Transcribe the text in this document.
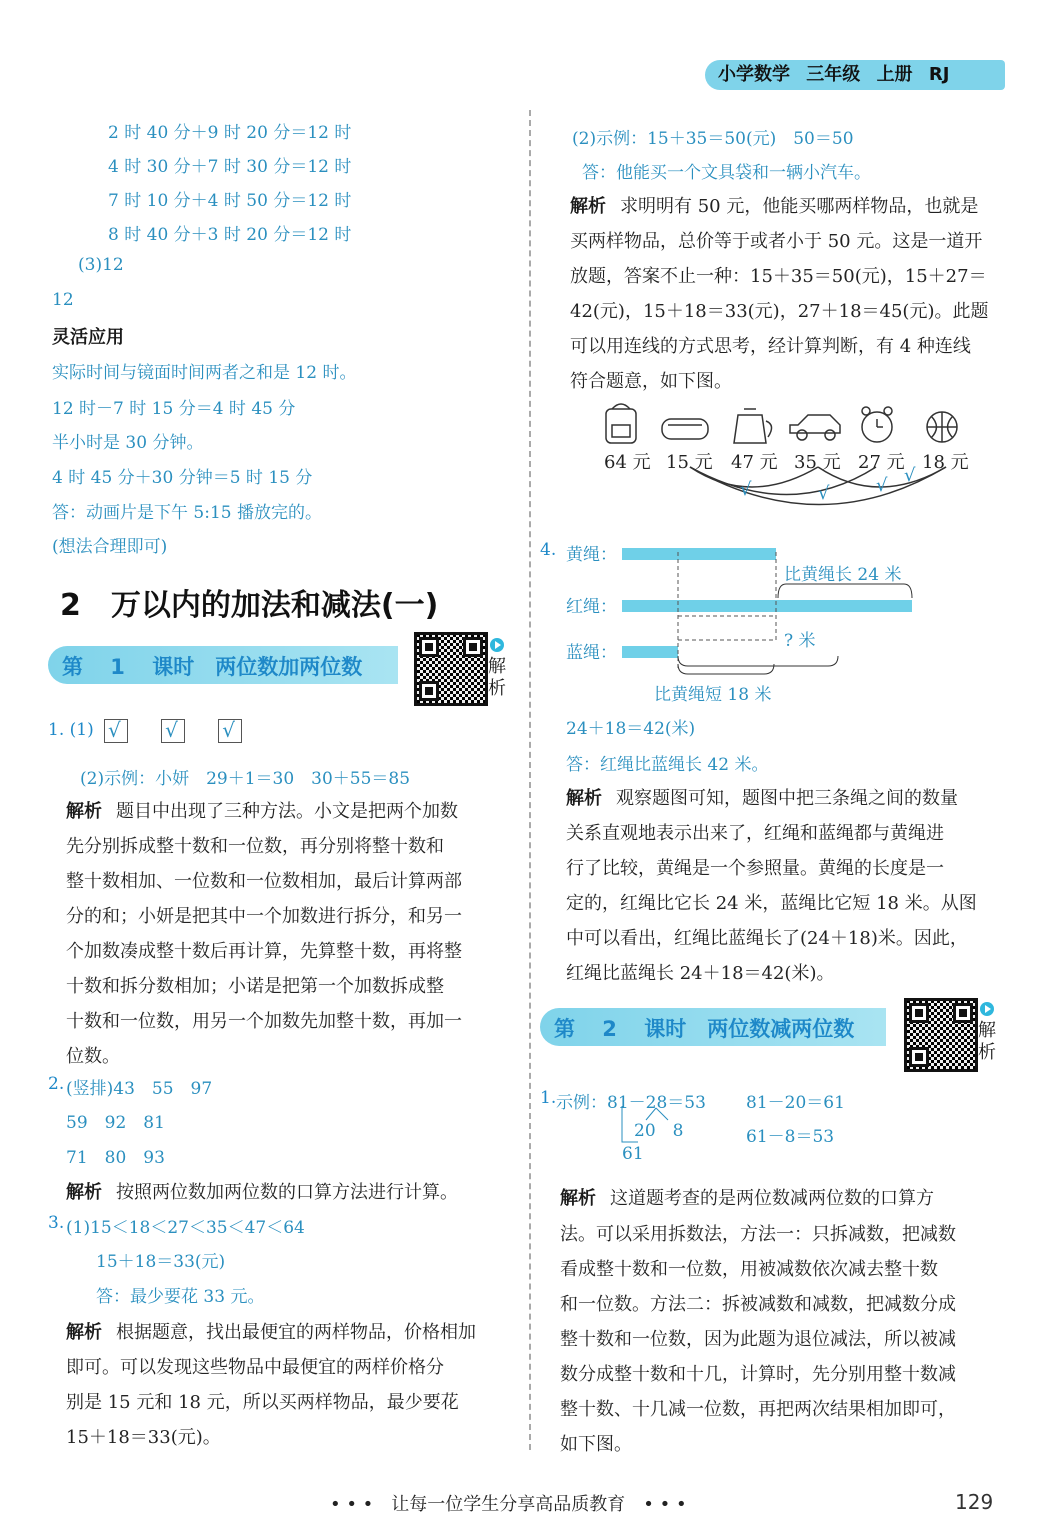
小学数学 三年级 上册 RJ
2 时 40 分＋9 时 20 分＝12 时
4 时 30 分＋7 时 30 分＝12 时
7 时 10 分＋4 时 50 分＝12 时
8 时 40 分＋3 时 20 分＝12 时
(3)12
12
灵活应用
实际时间与镜面时间两者之和是 12 时。
12 时－7 时 15 分＝4 时 45 分
半小时是 30 分钟。
4 时 45 分＋30 分钟＝5 时 15 分
答：动画片是下午 5:15 播放完的。
(想法合理即可)
2　万以内的加法和减法(一)
第 1 课时　两位数加两位数	解
析
1. (1) √
√
√
(2)示例：小妍　29＋1＝30　30＋55＝85
解析 题目中出现了三种方法。小文是把两个加数
先分别拆成整十数和一位数，再分别将整十数和
整十数相加、一位数和一位数相加，最后计算两部
分的和；小妍是把其中一个加数进行拆分，和另一
个加数凑成整十数后再计算，先算整十数，再将整
十数和拆分数相加；小诺是把第一个加数拆成整
十数和一位数，用另一个加数先加整十数，再加一
位数。
2. (竖排)43　55　97
59　92　81
71　80　93
解析 按照两位数加两位数的口算方法进行计算。
3. (1)15＜18＜27＜35＜47＜64
15＋18＝33(元)
答：最少要花 33 元。
解析 根据题意，找出最便宜的两样物品，价格相加
即可。可以发现这些物品中最便宜的两样价格分
别是 15 元和 18 元，所以买两样物品，最少要花
15＋18＝33(元)。
(2)示例：15＋35＝50(元)　50＝50
答：他能买一个文具袋和一辆小汽车。
解析 求明明有 50 元，他能买哪两样物品，也就是
买两样物品，总价等于或者小于 50 元。这是一道开
放题，答案不止一种：15＋35＝50(元)，15＋27＝
42(元)，15＋18＝33(元)，27＋18＝45(元)。此题
可以用连线的方式思考，经计算判断，有 4 种连线
符合题意，如下图。
√	√	√ √
64 元 15 元 47 元 35 元 27 元 18 元
4. 黄绳：
红绳：
蓝绳：
比黄绳长 24 米
? 米
比黄绳短 18 米
24＋18＝42(米)
答：红绳比蓝绳长 42 米。
解析 观察题图可知，题图中把三条绳之间的数量
关系直观地表示出来了，红绳和蓝绳都与黄绳进
行了比较，黄绳是一个参照量。黄绳的长度是一
定的，红绳比它长 24 米，蓝绳比它短 18 米。从图
中可以看出，红绳比蓝绳长了(24＋18)米。因此，
红绳比蓝绳长 24＋18＝42(米)。
第 2 课时　两位数减两位数	解
析
1. 示例：81－28＝53
20　8
61
81－20＝61
61－8＝53
解析 这道题考查的是两位数减两位数的口算方
法。可以采用拆数法，方法一：只拆减数，把减数
看成整十数和一位数，用被减数依次减去整十数
和一位数。方法二：拆被减数和减数，把减数分成
整十数和一位数，因为此题为退位减法，所以被减
数分成整十数和十几，计算时，先分别用整十数减
整十数、十几减一位数，再把两次结果相加即可，
如下图。
• • •　让每一位学生分享高品质教育　• • •	129
